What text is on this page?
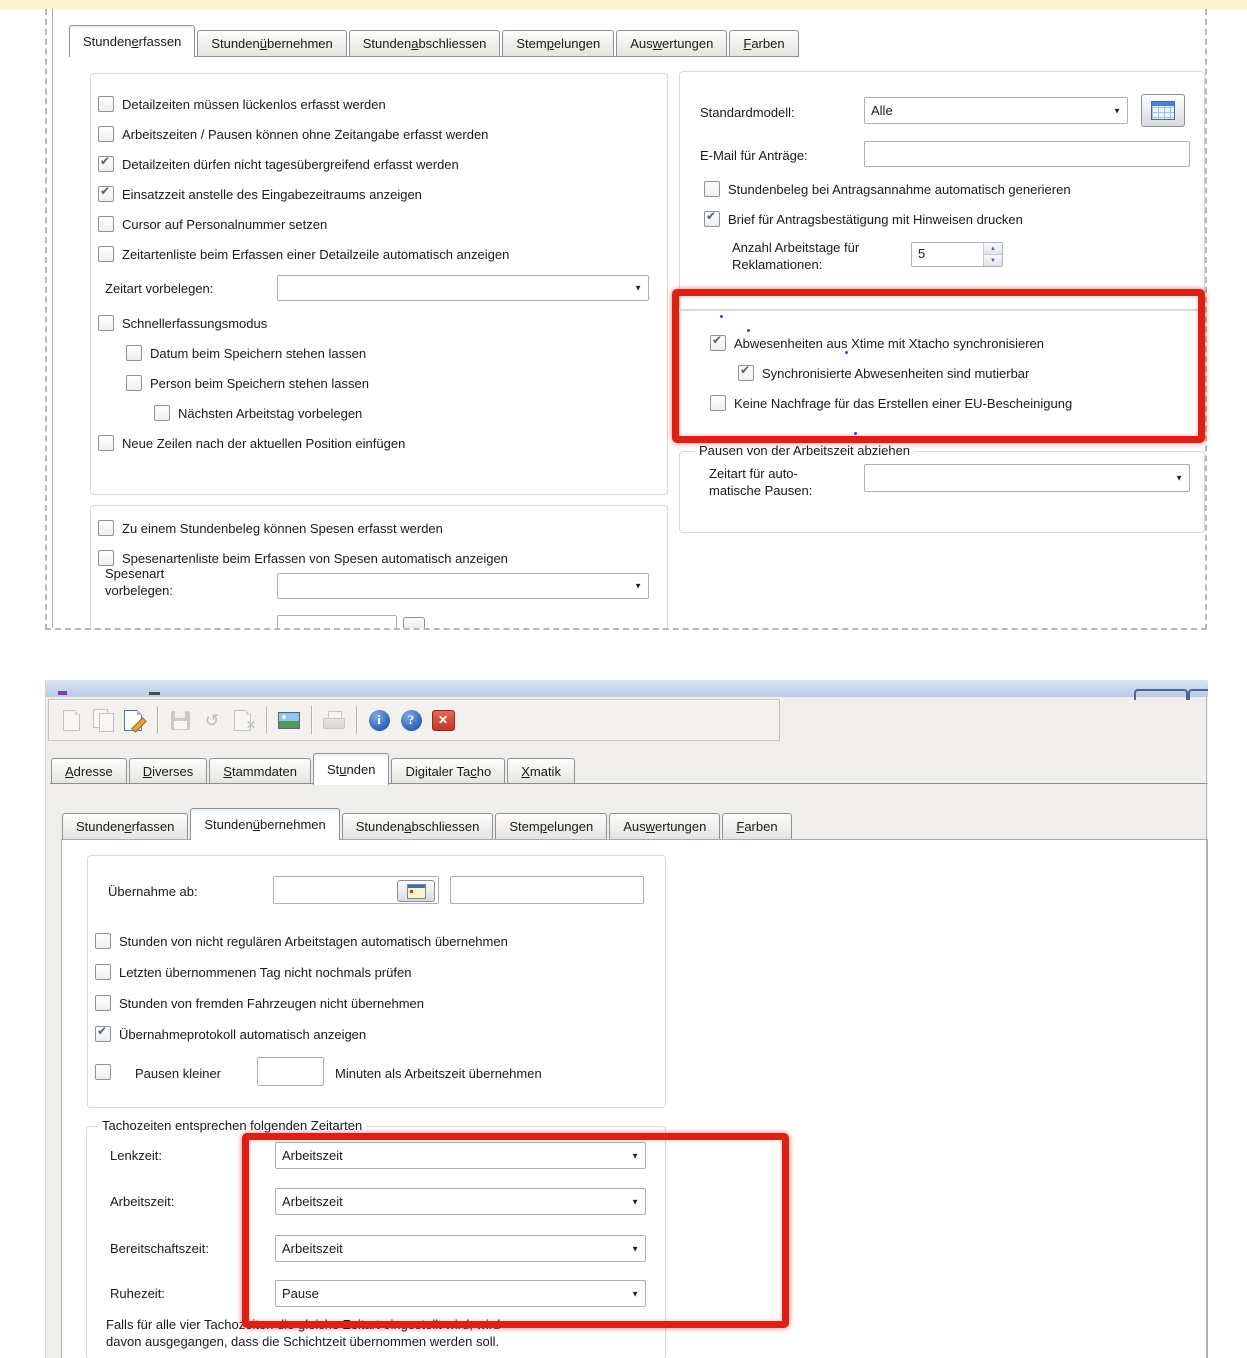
Stunden e rfassen	Stunden ü bernehmen	Stunden a bschliessen	Stem p elungen	Aus w ertungen	F arben
Pausen von der Arbeitszeit abziehen
Detailzeiten müssen lückenlos erfasst werden
Arbeitszeiten / Pausen können ohne Zeitangabe erfasst werden
✔
Detailzeiten dürfen nicht tagesübergreifend erfasst werden
✔
Einsatzzeit anstelle des Eingabezeitraums anzeigen
Cursor auf Personalnummer setzen
Zeitartenliste beim Erfassen einer Detailzeile automatisch anzeigen
Zeitart vorbelegen:	▼
Schnellerfassungsmodus
Datum beim Speichern stehen lassen
Person beim Speichern stehen lassen
Nächsten Arbeitstag vorbelegen
Neue Zeilen nach der aktuellen Position einfügen
Zu einem Stundenbeleg können Spesen erfasst werden
Spesenartenliste beim Erfassen von Spesen automatisch anzeigen
Spesenart
vorbelegen:	▼
Standardmodell:	Alle	▼
E-Mail für Anträge:
Stundenbeleg bei Antragsannahme automatisch generieren
✔
Brief für Antragsbestätigung mit Hinweisen drucken
Anzahl Arbeitstage für
Reklamationen:
5	▲
▼
✔
Abwesenheiten aus Xtime mit Xtacho synchronisieren
✔
Synchronisierte Abwesenheiten sind mutierbar
Keine Nachfrage für das Erstellen einer EU-Bescheinigung
Zeitart für auto-
matische Pausen:
▼
↺ ✕	i	?	✕
A dresse	D iverses	S tammdaten	St u nden	Digitaler Ta c ho	X matik
Stunden e rfassen	Stunden ü bernehmen	Stunden a bschliessen	Stem p elungen	Aus w ertungen	F arben
Übernahme ab:
Stunden von nicht regulären Arbeitstagen automatisch übernehmen
Letzten übernommenen Tag nicht nochmals prüfen
Stunden von fremden Fahrzeugen nicht übernehmen
✔
Übernahmeprotokoll automatisch anzeigen
Pausen kleiner	Minuten als Arbeitszeit übernehmen
Tachozeiten entsprechen folgenden Zeitarten
Lenkzeit:	Arbeitszeit	▼
Arbeitszeit:	Arbeitszeit	▼
Bereitschaftszeit:	Arbeitszeit	▼
Ruhezeit:	Pause	▼
Falls für alle vier Tachozeiten die gleiche Zeitart eingestellt wird, wird
davon ausgegangen, dass die Schichtzeit übernommen werden soll.
